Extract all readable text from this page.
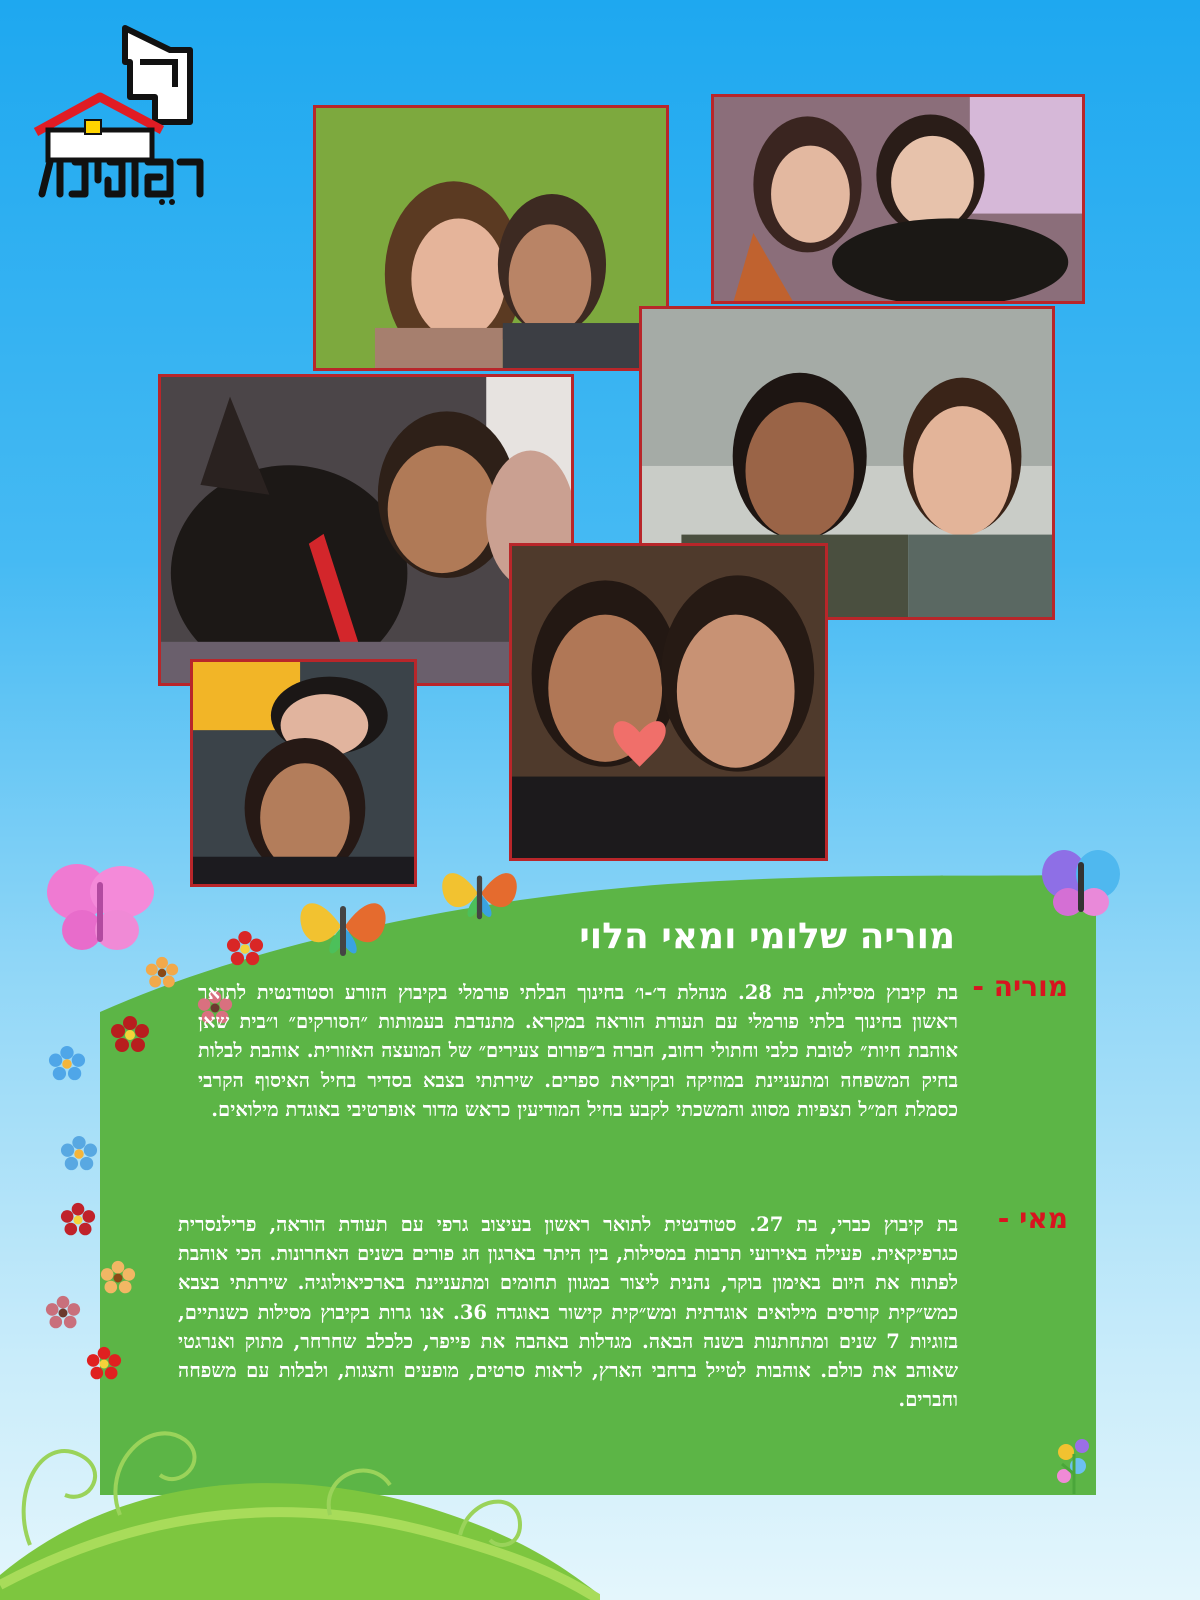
מוריה שלומי ומאי הלוי
מוריה -
בת קיבוץ מסילות, בת 28. מנהלת ד׳-ו׳ בחינוך הבלתי פורמלי בקיבוץ הזורע וסטודנטית לתואר ראשון בחינוך בלתי פורמלי עם תעודת הוראה במקרא. מתנדבת בעמותות ״הסורקים״ ו״בית שאן אוהבת חיות״ לטובת כלבי וחתולי רחוב, חברה ב״פורום צעירים״ של המועצה האזורית. אוהבת לבלות בחיק המשפחה ומתעניינת במוזיקה ובקריאת ספרים. שירתתי בצבא בסדיר בחיל האיסוף הקרבי כסמלת חמ״ל תצפיות מסווג והמשכתי לקבע בחיל המודיעין כראש מדור אופרטיבי באוגדת מילואים.
מאי -
בת קיבוץ כברי, בת 27. סטודנטית לתואר ראשון בעיצוב גרפי עם תעודת הוראה, פרילנסרית כגרפיקאית. פעילה באירועי תרבות במסילות, בין היתר בארגון חג פורים בשנים האחרונות. הכי אוהבת לפתוח את היום באימון בוקר, נהנית ליצור במגוון תחומים ומתעניינת בארכיאולוגיה. שירתתי בצבא כמש״קית קורסים מילואים אוגדתית ומש״קית קישור באוגדה 36. אנו גרות בקיבוץ מסילות כשנתיים, בזוגיות 7 שנים ומתחתנות בשנה הבאה. מגדלות באהבה את פייפר, כלכלב שחרחר, מתוק ואנרגטי שאוהב את כולם. אוהבות לטייל ברחבי הארץ, לראות סרטים, מופעים והצגות, ולבלות עם משפחה וחברים.
